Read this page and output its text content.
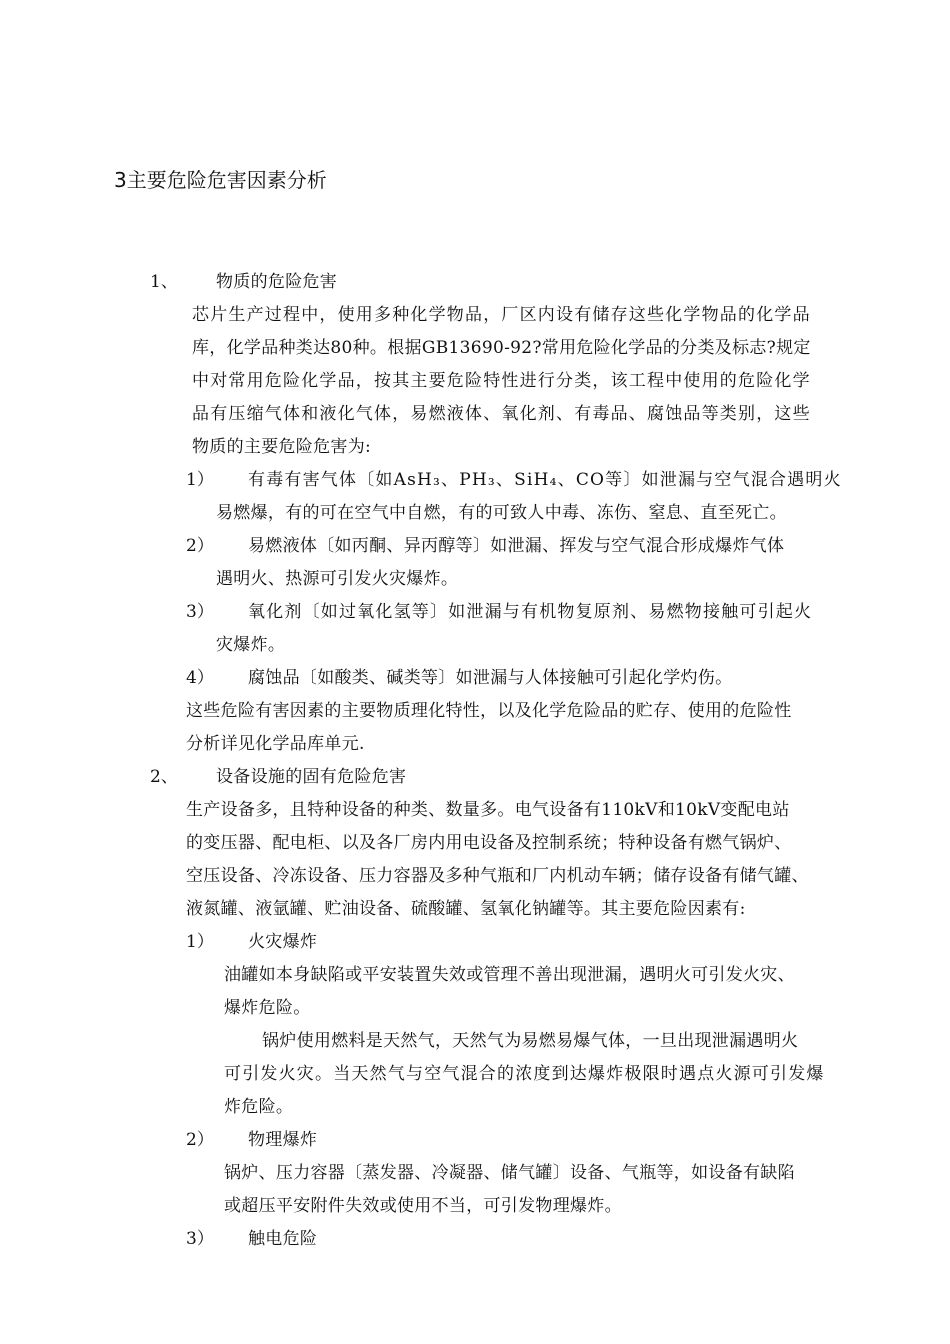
3主要危险危害因素分析
1、 物质的危险危害
芯片生产过程中，使用多种化学物品，厂区内设有储存这些化学物品的化学品
库，化学品种类达80种。根据GB13690-92?常用危险化学品的分类及标志?规定
中对常用危险化学品，按其主要危险特性进行分类，该工程中使用的危险化学
品有压缩气体和液化气体，易燃液体、氧化剂、有毒品、腐蚀品等类别，这些
物质的主要危险危害为:
1） 有毒有害气体〔如AsH₃、PH₃、SiH₄、CO等〕如泄漏与空气混合遇明火
易燃爆，有的可在空气中自燃，有的可致人中毒、冻伤、窒息、直至死亡。
2） 易燃液体〔如丙酮、异丙醇等〕如泄漏、挥发与空气混合形成爆炸气体
遇明火、热源可引发火灾爆炸。
3） 氧化剂〔如过氧化氢等〕如泄漏与有机物复原剂、易燃物接触可引起火
灾爆炸。
4） 腐蚀品〔如酸类、碱类等〕如泄漏与人体接触可引起化学灼伤。
这些危险有害因素的主要物质理化特性，以及化学危险品的贮存、使用的危险性
分析详见化学品库单元.
2、 设备设施的固有危险危害
生产设备多，且特种设备的种类、数量多。电气设备有110kV和10kV变配电站
的变压器、配电柜、以及各厂房内用电设备及控制系统；特种设备有燃气锅炉、
空压设备、冷冻设备、压力容器及多种气瓶和厂内机动车辆；储存设备有储气罐、
液氮罐、液氩罐、贮油设备、硫酸罐、氢氧化钠罐等。其主要危险因素有:
1） 火灾爆炸
油罐如本身缺陷或平安装置失效或管理不善出现泄漏，遇明火可引发火灾、
爆炸危险。
锅炉使用燃料是天然气，天然气为易燃易爆气体，一旦出现泄漏遇明火
可引发火灾。当天然气与空气混合的浓度到达爆炸极限时遇点火源可引发爆
炸危险。
2） 物理爆炸
锅炉、压力容器〔蒸发器、冷凝器、储气罐〕设备、气瓶等，如设备有缺陷
或超压平安附件失效或使用不当，可引发物理爆炸。
3） 触电危险
